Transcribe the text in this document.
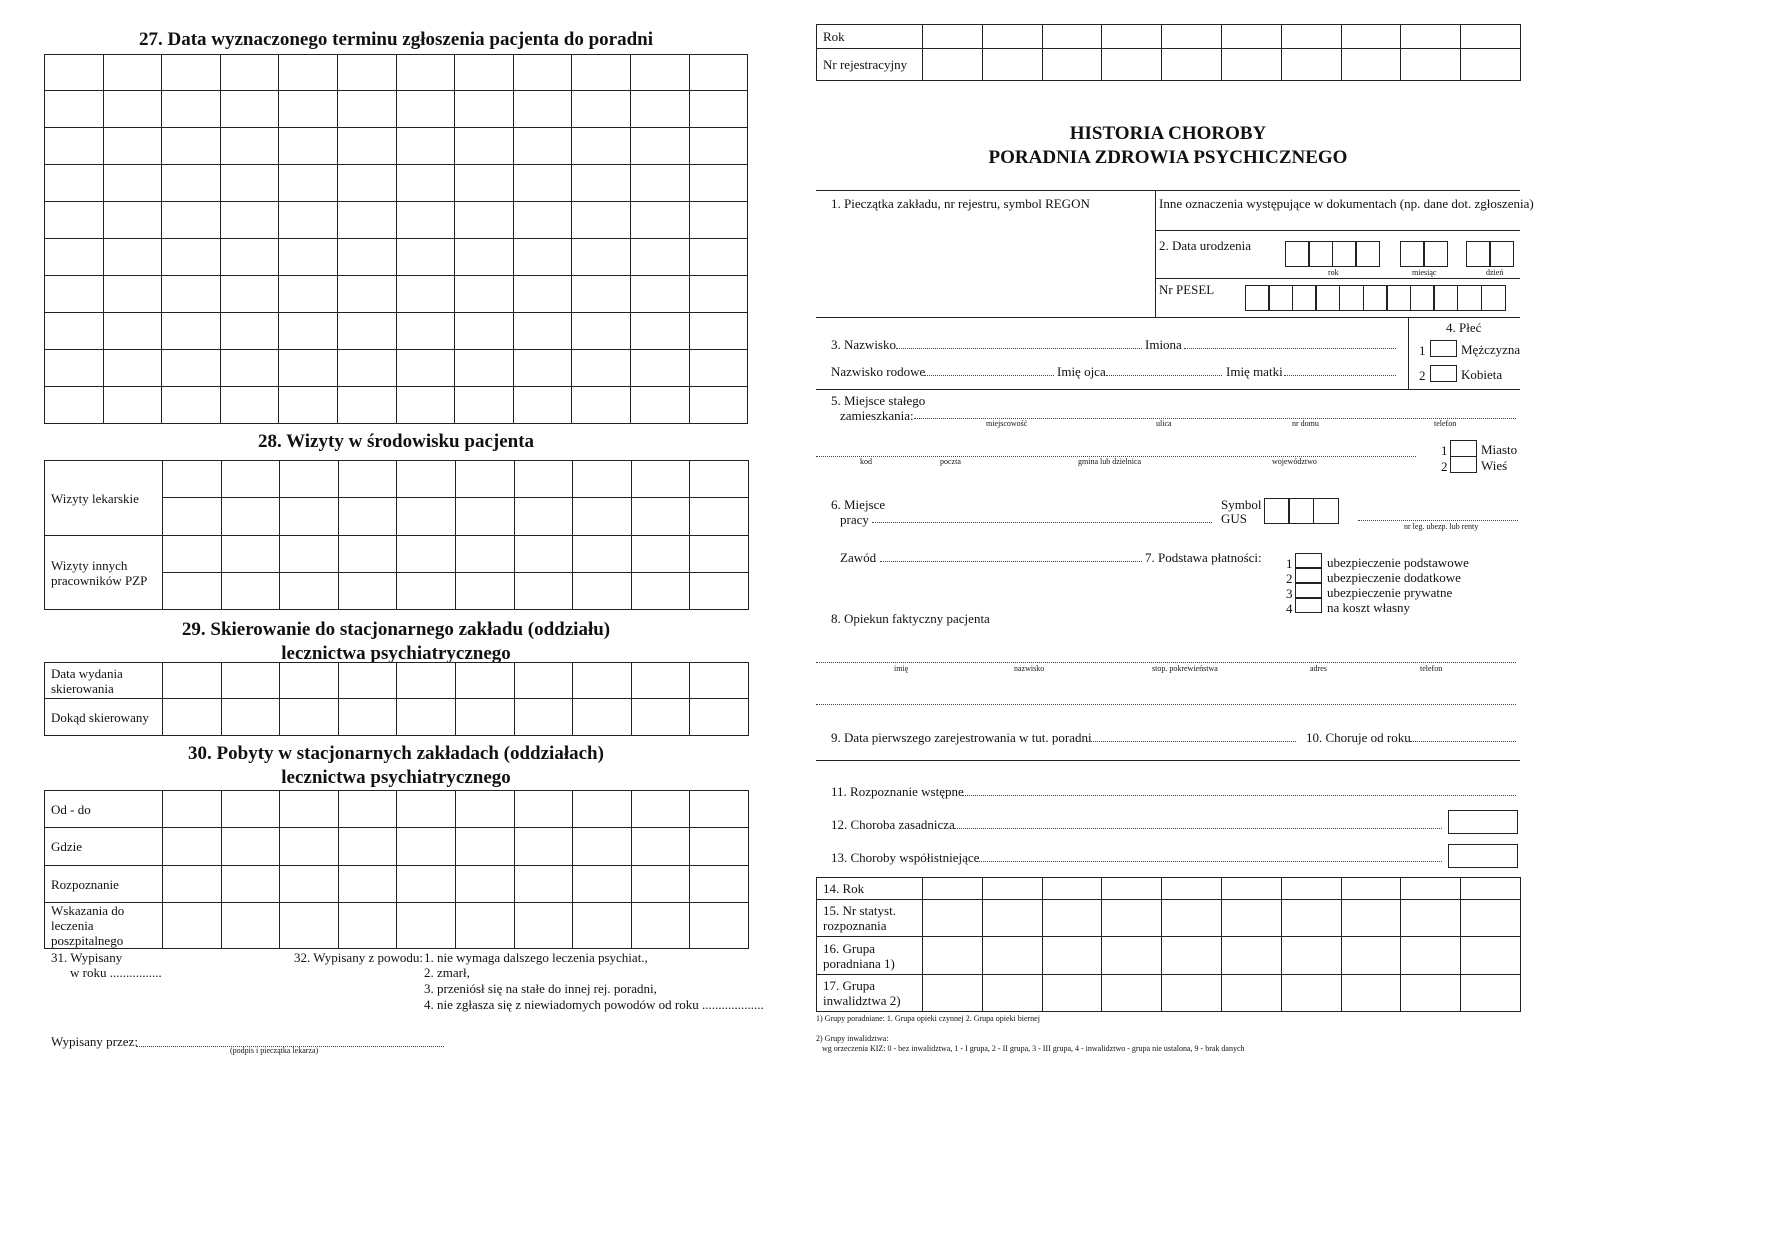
27. Data wyznaczonego terminu zgłoszenia pacjenta do poradni

28. Wizyty w środowisku pacjenta
Wizyty lekarskie										

Wizyty innych pracowników PZP										

29. Skierowanie do stacjonarnego zakładu (oddziału)
lecznictwa psychiatrycznego
Data wydania skierowania										
Dokąd skierowany										
30. Pobyty w stacjonarnych zakładach (oddziałach)
lecznictwa psychiatrycznego
Od - do										
Gdzie										
Rozpoznanie										
Wskazania do leczenia poszpitalnego										
31. Wypisany
w roku ................
32. Wypisany z powodu: 1. nie wymaga dalszego leczenia psychiat.,
2. zmarł,
3. przeniósł się na stałe do innej rej. poradni,
4. nie zgłasza się z niewiadomych powodów od roku ...................
Wypisany przez:
(podpis i pieczątka lekarza)
Rok										
Nr rejestracyjny										
HISTORIA CHOROBY
PORADNIA ZDROWIA PSYCHICZNEGO
1. Pieczątka zakładu, nr rejestru, symbol REGON	Inne oznaczenia występujące w dokumentach (np. dane dot. zgłoszenia)
2. Data urodzenia
rok	miesiąc	dzień
Nr PESEL
3. Nazwisko	Imiona
Nazwisko rodowe	Imię ojca	Imię matki
4. Płeć
1	Mężczyzna
2	Kobieta
5. Miejsce stałego
zamieszkania:
miejscowość	ulica	nr domu	telefon
kod	poczta	gmina lub dzielnica	województwo
1	Miasto
2	Wieś
6. Miejsce
pracy
Symbol
GUS
nr leg. ubezp. lub renty
Zawód	7. Podstawa płatności: 1	ubezpieczenie podstawowe
2	ubezpieczenie dodatkowe
3	ubezpieczenie prywatne
4	na koszt własny
8. Opiekun faktyczny pacjenta
imię	nazwisko	stop. pokrewieństwa	adres	telefon
9. Data pierwszego zarejestrowania w tut. poradni	10. Choruje od roku
11. Rozpoznanie wstępne
12. Choroba zasadnicza
13. Choroby współistniejące
14. Rok										
15. Nr statyst. rozpoznania										
16. Grupa poradniana 1)										
17. Grupa inwalidztwa 2)										
1) Grupy poradniane: 1. Grupa opieki czynnej 2. Grupa opieki biernej
2) Grupy inwalidztwa:
wg orzeczenia KIZ: 0 - bez inwalidztwa, 1 - I grupa, 2 - II grupa, 3 - III grupa, 4 - inwalidztwo - grupa nie ustalona, 9 - brak danych
